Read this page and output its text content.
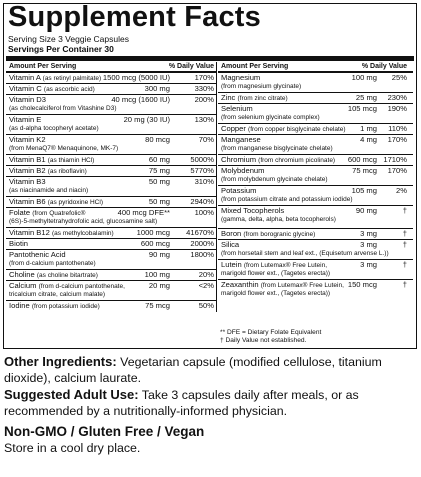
Supplement Facts
Serving Size 3 Veggie Capsules
Servings Per Container 30
Amount Per Serving	% Daily Value
Vitamin A (as retinyl palmitate) 1500 mcg (5000 IU)	170%
Vitamin C (as ascorbic acid)	300 mg	330%
Vitamin D3
(as cholecalciferol from Vitashine D3)
40 mcg (1600 IU)	200%
Vitamin E
(as d-alpha tocopheryl acetate)
20 mg (30 IU)	130%
Vitamin K2
(from MenaQ7® Menaquinone, MK-7)
80 mcg	70%
Vitamin B1 (as thiamin HCl)	60 mg	5000%
Vitamin B2 (as riboflavin)	75 mg	5770%
Vitamin B3
(as niacinamide and niacin)
50 mg	310%
Vitamin B6 (as pyridoxine HCl)	50 mg	2940%
Folate (from Quatrefolic®
(6S)-5-methyltetrahydrofolic acid, glucosamine salt)
400 mcg DFE**	100%
Vitamin B12 (as methylcobalamin)	1000 mcg 41670%
Biotin	600 mcg	2000%
Pantothenic Acid
(from d-calcium pantothenate)
90 mg	1800%
Choline (as choline bitartrate)	100 mg	20%
Calcium (from d-calcium pantothenate,
tricalcium citrate, calcium malate)
20 mg	<2%
Iodine (from potassium iodide)	75 mcg	50%
Amount Per Serving	% Daily Value
Magnesium
(from magnesium glycinate)
100 mg 25%
Zinc (from zinc citrate)	25 mg 230%
Selenium
(from selenium glycinate complex)
105 mcg 190%
Copper (from copper bisglycinate chelate) 1 mg 110%
Manganese
(from manganese bisglycinate chelate)
4 mg 170%
Chromium (from chromium picolinate) 600 mcg 1710%
Molybdenum
(from molybdenum glycinate chelate)
75 mcg 170%
Potassium
(from potassium citrate and potassium iodide)
105 mg	2%
Mixed Tocopherols
(gamma, delta, alpha, beta tocopherols)
90 mg	†
Boron (from borogranic glycine)	3 mg	†
Silica
(from horsetail stem and leaf ext., (Equisetum arvense L.))
3 mg	†
Lutein (from Lutemax® Free Lutein,
marigold flower ext., (Tagetes erecta))
3 mg	†
Zeaxanthin (from Lutemax® Free Lutein,
marigold flower ext., (Tagetes erecta))
150 mcg	†
** DFE = Dietary Folate Equivalent
† Daily Value not established.
Other Ingredients: Vegetarian capsule (modified cellulose, titanium dioxide), calcium laurate.
Suggested Adult Use: Take 3 capsules daily after meals, or as recommended by a nutritionally-informed physician.
Non-GMO / Gluten Free / Vegan
Store in a cool dry place.
